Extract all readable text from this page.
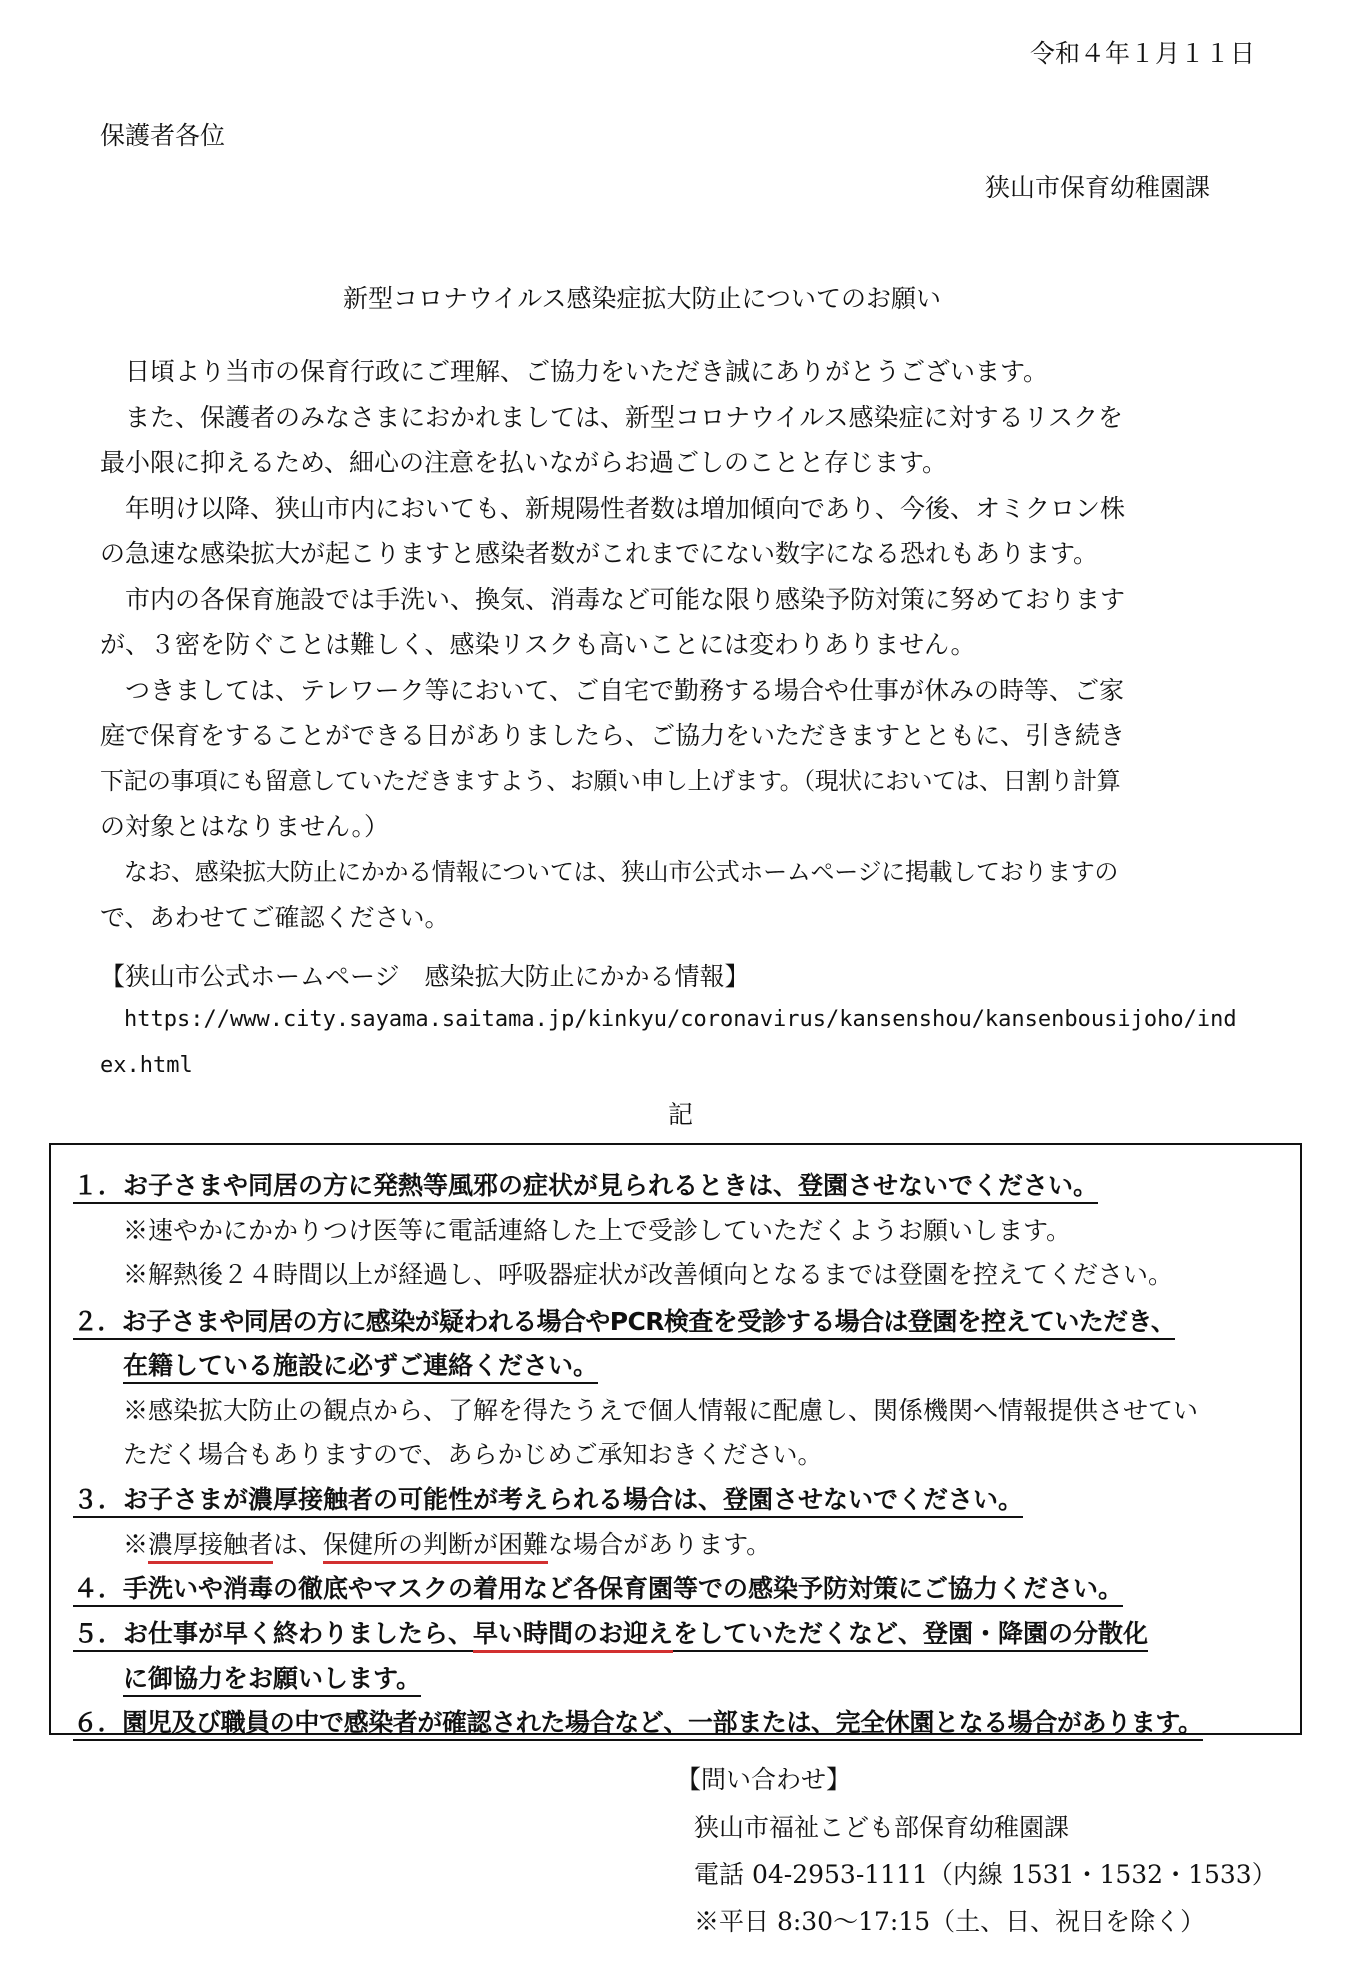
令和４年１月１１日
保護者各位
狭山市保育幼稚園課
新型コロナウイルス感染症拡大防止についてのお願い

　日頃より当市の保育行政にご理解、ご協力をいただき誠にありがとうございます。

　また、保護者のみなさまにおかれましては、新型コロナウイルス感染症に対するリスクを

最小限に抑えるため、細心の注意を払いながらお過ごしのことと存じます。

　年明け以降、狭山市内においても、新規陽性者数は増加傾向であり、今後、オミクロン株

の急速な感染拡大が起こりますと感染者数がこれまでにない数字になる恐れもあります。

　市内の各保育施設では手洗い、換気、消毒など可能な限り感染予防対策に努めております

が、３密を防ぐことは難しく、感染リスクも高いことには変わりありません。

　つきましては、テレワーク等において、ご自宅で勤務する場合や仕事が休みの時等、ご家

庭で保育をすることができる日がありましたら、ご協力をいただきますとともに、引き続き

下記の事項にも留意していただきますよう、お願い申し上げます。（現状においては、日割り計算

の対象とはなりません。）

　なお、感染拡大防止にかかる情報については、狭山市公式ホームページに掲載しておりますの

で、あわせてご確認ください。

【狭山市公式ホームページ　感染拡大防止にかかる情報】
https://www.city.sayama.saitama.jp/kinkyu/coronavirus/kansenshou/kansenbousijoho/ind
ex.html
記
１．お子さまや同居の方に発熱等風邪の症状が見られるときは、登園させないでください。
※速やかにかかりつけ医等に電話連絡した上で受診していただくようお願いします。
※解熱後２４時間以上が経過し、呼吸器症状が改善傾向となるまでは登園を控えてください。
２．お子さまや同居の方に感染が疑われる場合やPCR検査を受診する場合は登園を控えていただき、
在籍している施設に必ずご連絡ください。
※感染拡大防止の観点から、了解を得たうえで個人情報に配慮し、関係機関へ情報提供させてい
ただく場合もありますので、あらかじめご承知おきください。
３．お子さまが濃厚接触者の可能性が考えられる場合は、登園させないでください。
※濃厚接触者は、保健所の判断が困難な場合があります。
４．手洗いや消毒の徹底やマスクの着用など各保育園等での感染予防対策にご協力ください。
５．お仕事が早く終わりましたら、早い時間のお迎えをしていただくなど、登園・降園の分散化
に御協力をお願いします。
６．園児及び職員の中で感染者が確認された場合など、一部または、完全休園となる場合があります。
【問い合わせ】
狭山市福祉こども部保育幼稚園課
電話 04-2953-1111（内線 1531・1532・1533）
※平日 8:30～17:15（土、日、祝日を除く）
